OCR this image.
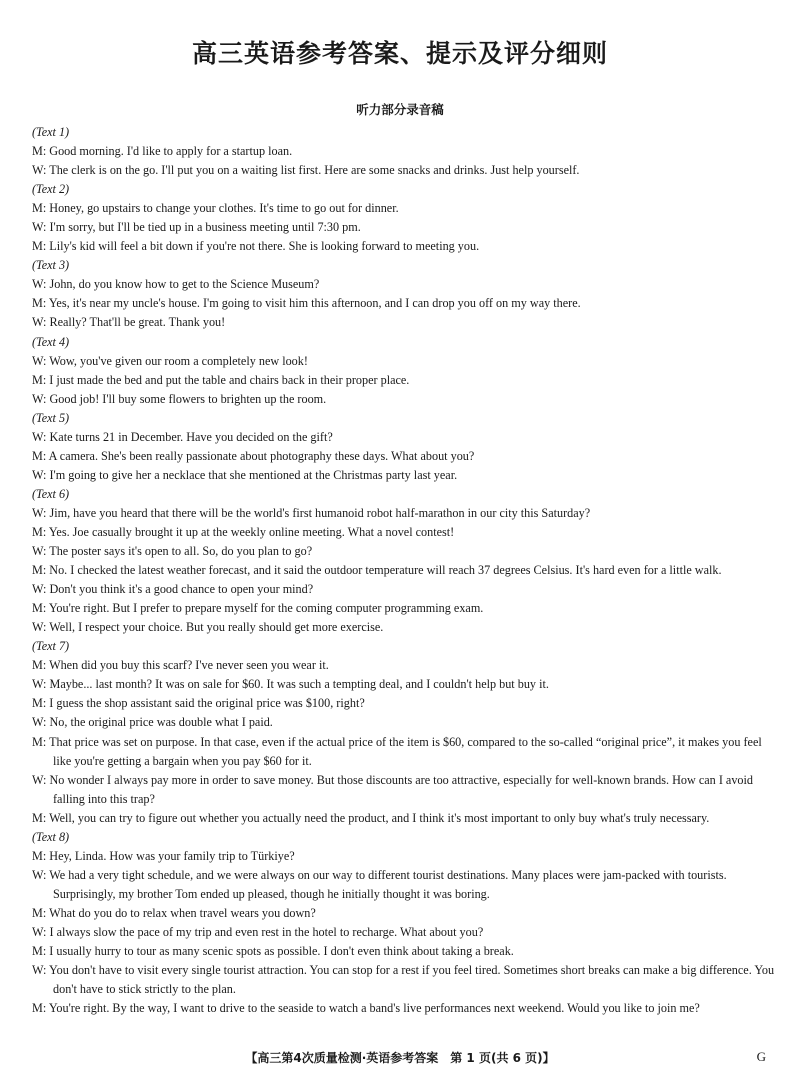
高三英语参考答案、提示及评分细则
听力部分录音稿
(Text 1)
M: Good morning. I'd like to apply for a startup loan.
W: The clerk is on the go. I'll put you on a waiting list first. Here are some snacks and drinks. Just help yourself.
(Text 2)
M: Honey, go upstairs to change your clothes. It's time to go out for dinner.
W: I'm sorry, but I'll be tied up in a business meeting until 7:30 pm.
M: Lily's kid will feel a bit down if you're not there. She is looking forward to meeting you.
(Text 3)
W: John, do you know how to get to the Science Museum?
M: Yes, it's near my uncle's house. I'm going to visit him this afternoon, and I can drop you off on my way there.
W: Really? That'll be great. Thank you!
(Text 4)
W: Wow, you've given our room a completely new look!
M: I just made the bed and put the table and chairs back in their proper place.
W: Good job! I'll buy some flowers to brighten up the room.
(Text 5)
W: Kate turns 21 in December. Have you decided on the gift?
M: A camera. She's been really passionate about photography these days. What about you?
W: I'm going to give her a necklace that she mentioned at the Christmas party last year.
(Text 6)
W: Jim, have you heard that there will be the world's first humanoid robot half-marathon in our city this Saturday?
M: Yes. Joe casually brought it up at the weekly online meeting. What a novel contest!
W: The poster says it's open to all. So, do you plan to go?
M: No. I checked the latest weather forecast, and it said the outdoor temperature will reach 37 degrees Celsius. It's hard even for a little walk.
W: Don't you think it's a good chance to open your mind?
M: You're right. But I prefer to prepare myself for the coming computer programming exam.
W: Well, I respect your choice. But you really should get more exercise.
(Text 7)
M: When did you buy this scarf? I've never seen you wear it.
W: Maybe... last month? It was on sale for $60. It was such a tempting deal, and I couldn't help but buy it.
M: I guess the shop assistant said the original price was $100, right?
W: No, the original price was double what I paid.
M: That price was set on purpose. In that case, even if the actual price of the item is $60, compared to the so-called “original price”, it makes you feel like you're getting a bargain when you pay $60 for it.
W: No wonder I always pay more in order to save money. But those discounts are too attractive, especially for well-known brands. How can I avoid falling into this trap?
M: Well, you can try to figure out whether you actually need the product, and I think it's most important to only buy what's truly necessary.
(Text 8)
M: Hey, Linda. How was your family trip to Türkiye?
W: We had a very tight schedule, and we were always on our way to different tourist destinations. Many places were jam-packed with tourists. Surprisingly, my brother Tom ended up pleased, though he initially thought it was boring.
M: What do you do to relax when travel wears you down?
W: I always slow the pace of my trip and even rest in the hotel to recharge. What about you?
M: I usually hurry to tour as many scenic spots as possible. I don't even think about taking a break.
W: You don't have to visit every single tourist attraction. You can stop for a rest if you feel tired. Sometimes short breaks can make a big difference. You don't have to stick strictly to the plan.
M: You're right. By the way, I want to drive to the seaside to watch a band's live performances next weekend. Would you like to join me?
【高三第4次质量检测·英语参考答案　第 1 页(共 6 页)】	G
